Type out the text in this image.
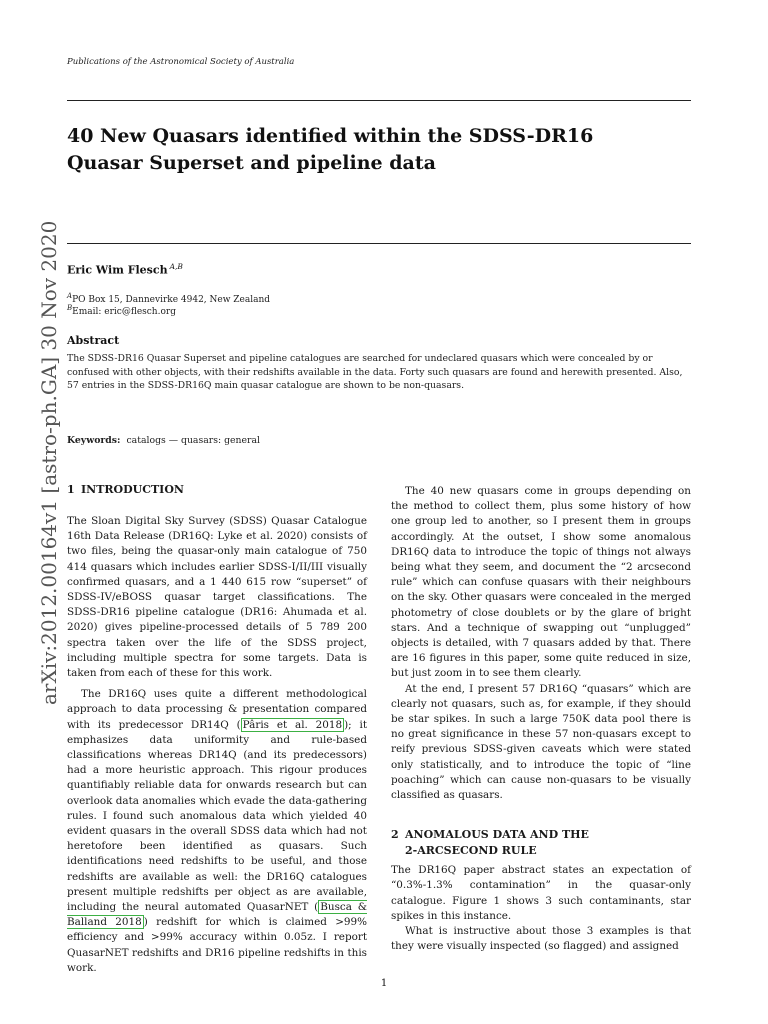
Publications of the Astronomical Society of Australia
40 New Quasars identified within the SDSS-DR16
Quasar Superset and pipeline data
Eric Wim Flesch $^{A,B}$
$^A$PO Box 15, Dannevirke 4942, New Zealand
$^B$Email: eric@flesch.org
Abstract
The SDSS-DR16 Quasar Superset and pipeline catalogues are searched for undeclared quasars which were concealed by or confused with other objects, with their redshifts available in the data. Forty such quasars are found and herewith presented. Also, 57 entries in the SDSS-DR16Q main quasar catalogue are shown to be non-quasars.
Keywords: catalogs — quasars: general
arXiv:2012.00164v1 [astro-ph.GA] 30 Nov 2020 1 INTRODUCTION

The Sloan Digital Sky Survey (SDSS) Quasar Catalogue 16th Data Release (DR16Q: Lyke et al. 2020) consists of two files, being the quasar-only main catalogue of 750 414 quasars which includes earlier SDSS-I/II/III visually confirmed quasars, and a 1 440 615 row “superset” of SDSS-IV/eBOSS quasar target classifications. The SDSS-DR16 pipeline catalogue (DR16: Ahumada et al. 2020) gives pipeline-processed details of 5 789 200 spectra taken over the life of the SDSS project, including multiple spectra for some targets. Data is taken from each of these for this work.

The DR16Q uses quite a different methodological approach to data processing & presentation compared with its predecessor DR14Q ( Pâris et al. 2018 ); it emphasizes data uniformity and rule-based classifications whereas DR14Q (and its predecessors) had a more heuristic approach. This rigour produces quantifiably reliable data for onwards research but can overlook data anomalies which evade the data-gathering rules. I found such anomalous data which yielded 40 evident quasars in the overall SDSS data which had not heretofore been identified as quasars. Such identifications need redshifts to be useful, and those redshifts are available as well: the DR16Q catalogues present multiple redshifts per object as are available, including the neural automated QuasarNET ( Busca & Balland 2018 ) redshift for which is claimed >99% efficiency and >99% accuracy within 0.05z. I report QuasarNET redshifts and DR16 pipeline redshifts in this work.

The 40 new quasars come in groups depending on the method to collect them, plus some history of how one group led to another, so I present them in groups accordingly. At the outset, I show some anomalous DR16Q data to introduce the topic of things not always being what they seem, and document the “2 arcsecond rule” which can confuse quasars with their neighbours on the sky. Other quasars were concealed in the merged photometry of close doublets or by the glare of bright stars. And a technique of swapping out “unplugged” objects is detailed, with 7 quasars added by that. There are 16 figures in this paper, some quite reduced in size, but just zoom in to see them clearly.

At the end, I present 57 DR16Q “quasars” which are clearly not quasars, such as, for example, if they should be star spikes. In such a large 750K data pool there is no great significance in these 57 non-quasars except to reify previous SDSS-given caveats which were stated only statistically, and to introduce the topic of “line poaching” which can cause non-quasars to be visually classified as quasars.

2 ANOMALOUS DATA AND THE
2-ARCSECOND RULE

The DR16Q paper abstract states an expectation of “0.3%-1.3% contamination” in the quasar-only catalogue. Figure 1 shows 3 such contaminants, star spikes in this instance.

What is instructive about those 3 examples is that they were visually inspected (so flagged) and assigned

1
